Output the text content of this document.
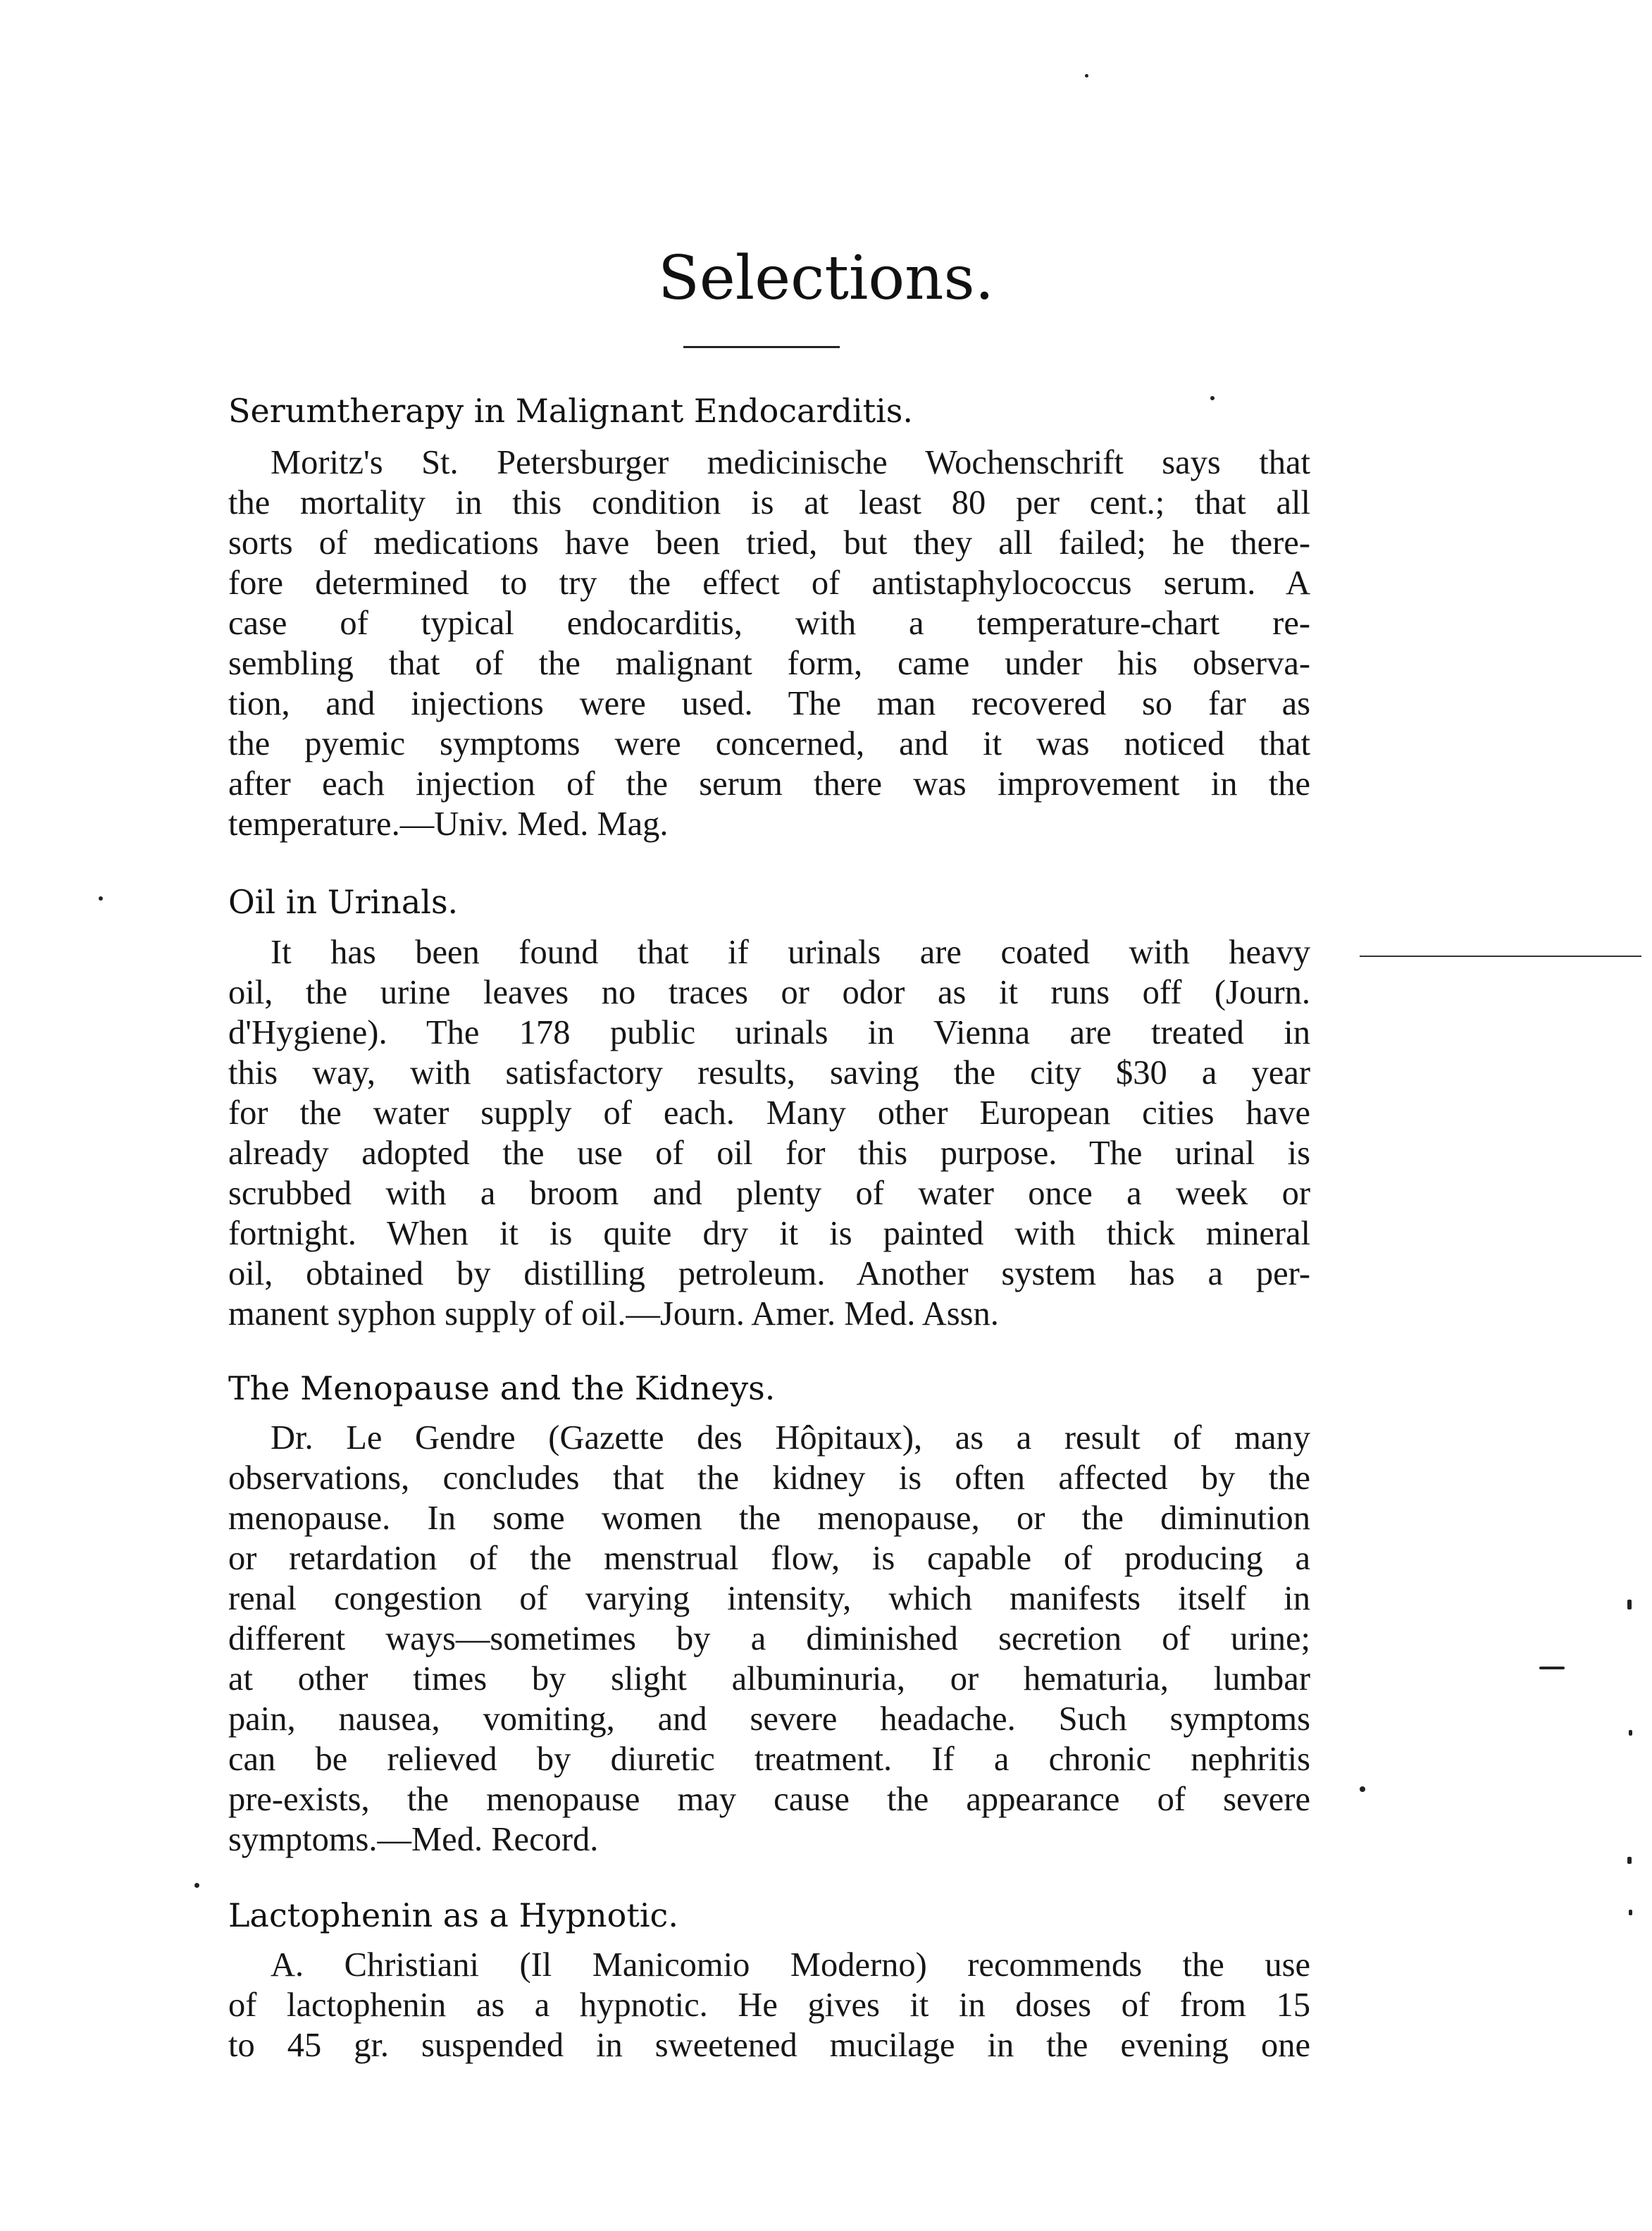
Selections.
Serumtherapy in Malignant Endocarditis.
Moritz's St. Petersburger medicinische Wochenschrift says that
the mortality in this condition is at least 80 per cent.; that all
sorts of medications have been tried, but they all failed; he there-
fore determined to try the effect of antistaphylococcus serum. A
case of typical endocarditis, with a temperature-chart re-
sembling that of the malignant form, came under his observa-
tion, and injections were used. The man recovered so far as
the pyemic symptoms were concerned, and it was noticed that
after each injection of the serum there was improvement in the
temperature.—Univ. Med. Mag.
Oil in Urinals.
It has been found that if urinals are coated with heavy
oil, the urine leaves no traces or odor as it runs off (Journ.
d'Hygiene). The 178 public urinals in Vienna are treated in
this way, with satisfactory results, saving the city $30 a year
for the water supply of each. Many other European cities have
already adopted the use of oil for this purpose. The urinal is
scrubbed with a broom and plenty of water once a week or
fortnight. When it is quite dry it is painted with thick mineral
oil, obtained by distilling petroleum. Another system has a per-
manent syphon supply of oil.—Journ. Amer. Med. Assn.
The Menopause and the Kidneys.
Dr. Le Gendre (Gazette des Hôpitaux), as a result of many
observations, concludes that the kidney is often affected by the
menopause. In some women the menopause, or the diminution
or retardation of the menstrual flow, is capable of producing a
renal congestion of varying intensity, which manifests itself in
different ways—sometimes by a diminished secretion of urine;
at other times by slight albuminuria, or hematuria, lumbar
pain, nausea, vomiting, and severe headache. Such symptoms
can be relieved by diuretic treatment. If a chronic nephritis
pre-exists, the menopause may cause the appearance of severe
symptoms.—Med. Record.
Lactophenin as a Hypnotic.
A. Christiani (Il Manicomio Moderno) recommends the use
of lactophenin as a hypnotic. He gives it in doses of from 15
to 45 gr. suspended in sweetened mucilage in the evening one
